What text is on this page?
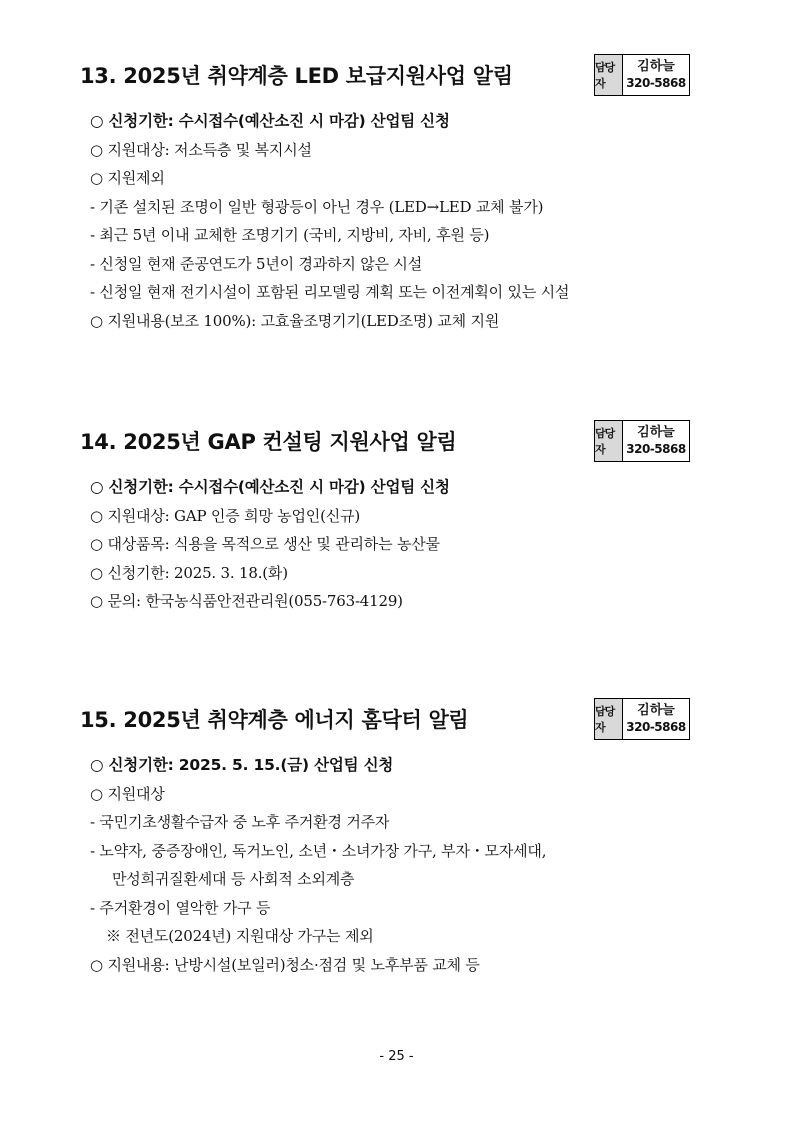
13. 2025년 취약계층 LED 보급지원사업 알림	담당자
김하늘
320-5868
○ 신청기한: 수시접수(예산소진 시 마감) 산업팀 신청
○ 지원대상: 저소득층 및 복지시설
○ 지원제외
- 기존 설치된 조명이 일반 형광등이 아닌 경우 (LED→LED 교체 불가)
- 최근 5년 이내 교체한 조명기기 (국비, 지방비, 자비, 후원 등)
- 신청일 현재 준공연도가 5년이 경과하지 않은 시설
- 신청일 현재 전기시설이 포함된 리모델링 계획 또는 이전계획이 있는 시설
○ 지원내용(보조 100%): 고효율조명기기(LED조명) 교체 지원
14. 2025년 GAP 컨설팅 지원사업 알림	담당자
김하늘
320-5868
○ 신청기한: 수시접수(예산소진 시 마감) 산업팀 신청
○ 지원대상: GAP 인증 희망 농업인(신규)
○ 대상품목: 식용을 목적으로 생산 및 관리하는 농산물
○ 신청기한: 2025. 3. 18.(화)
○ 문의: 한국농식품안전관리원(055-763-4129)
15. 2025년 취약계층 에너지 홈닥터 알림	담당자
김하늘
320-5868
○ 신청기한: 2025. 5. 15.(금) 산업팀 신청
○ 지원대상
- 국민기초생활수급자 중 노후 주거환경 거주자
- 노약자, 중증장애인, 독거노인, 소년・소녀가장 가구, 부자・모자세대,
만성희귀질환세대 등 사회적 소외계층
- 주거환경이 열악한 가구 등
※ 전년도(2024년) 지원대상 가구는 제외
○ 지원내용: 난방시설(보일러)청소·점검 및 노후부품 교체 등
- 25 -
